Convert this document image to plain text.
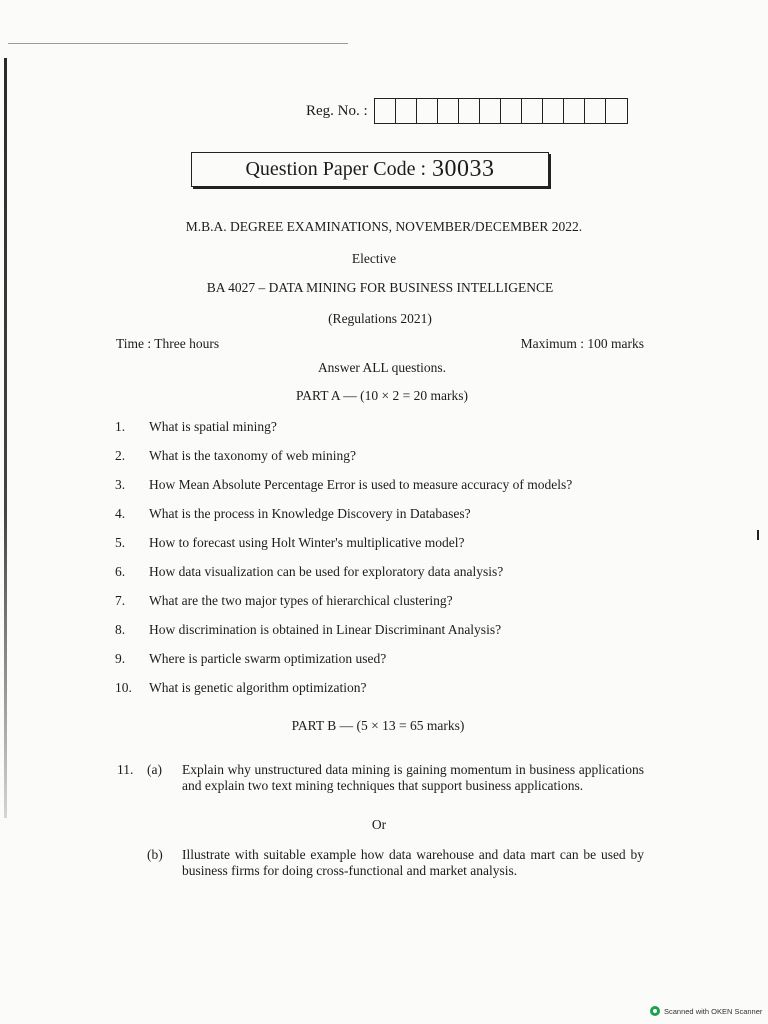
Reg. No. :
Question Paper Code : 30033
M.B.A. DEGREE EXAMINATIONS, NOVEMBER/DECEMBER 2022.
Elective
BA 4027 – DATA MINING FOR BUSINESS INTELLIGENCE
(Regulations 2021)
Time : Three hours	Maximum : 100 marks
Answer ALL questions.
PART A — (10 × 2 = 20 marks)
1.	What is spatial mining?
2.	What is the taxonomy of web mining?
3.	How Mean Absolute Percentage Error is used to measure accuracy of models?
4.	What is the process in Knowledge Discovery in Databases?
5.	How to forecast using Holt Winter's multiplicative model?
6.	How data visualization can be used for exploratory data analysis?
7.	What are the two major types of hierarchical clustering?
8.	How discrimination is obtained in Linear Discriminant Analysis?
9.	Where is particle swarm optimization used?
10.	What is genetic algorithm optimization?
PART B — (5 × 13 = 65 marks)
11.	(a)	Explain why unstructured data mining is gaining momentum in business applications and explain two text mining techniques that support business applications.
Or
(b)	Illustrate with suitable example how data warehouse and data mart can be used by business firms for doing cross-functional and market analysis.
Scanned with OKEN Scanner
